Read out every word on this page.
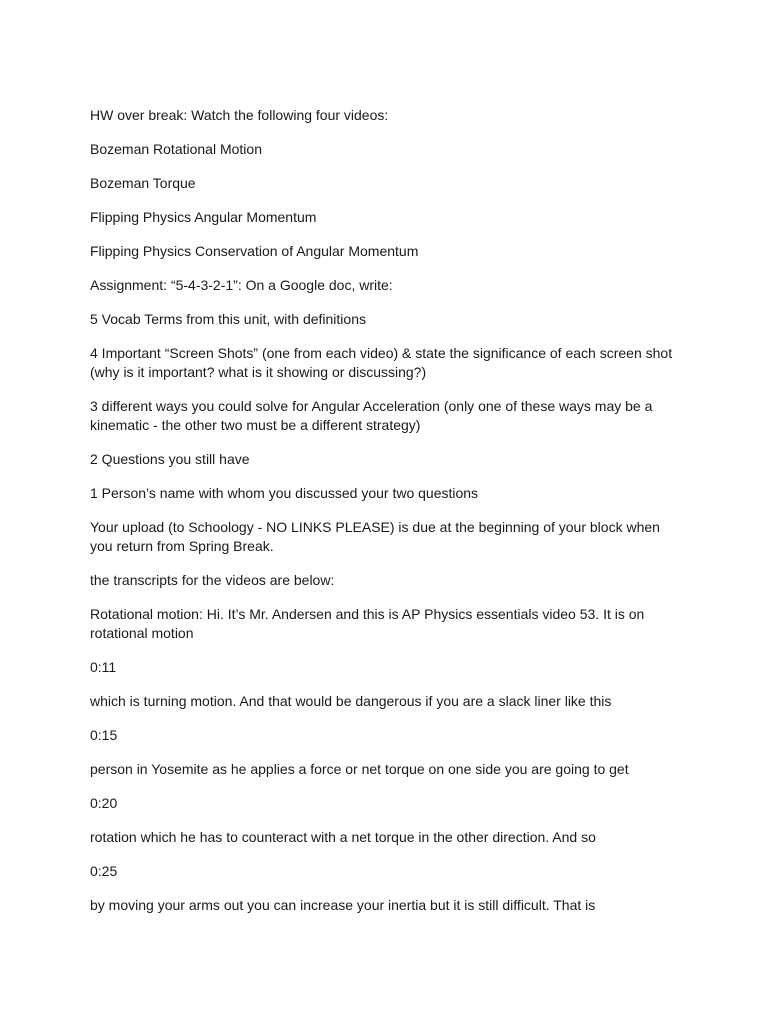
HW over break: Watch the following four videos:

Bozeman Rotational Motion

Bozeman Torque

Flipping Physics Angular Momentum

Flipping Physics Conservation of Angular Momentum

Assignment: “5-4-3-2-1”: On a Google doc, write:

5 Vocab Terms from this unit, with definitions

4 Important “Screen Shots” (one from each video) & state the significance of each screen shot (why is it important? what is it showing or discussing?)

3 different ways you could solve for Angular Acceleration (only one of these ways may be a kinematic - the other two must be a different strategy)

2 Questions you still have

1 Person’s name with whom you discussed your two questions

Your upload (to Schoology - NO LINKS PLEASE) is due at the beginning of your block when you return from Spring Break.

the transcripts for the videos are below:

Rotational motion: Hi. It’s Mr. Andersen and this is AP Physics essentials video 53. It is on rotational motion

0:11

which is turning motion. And that would be dangerous if you are a slack liner like this

0:15

person in Yosemite as he applies a force or net torque on one side you are going to get

0:20

rotation which he has to counteract with a net torque in the other direction. And so

0:25

by moving your arms out you can increase your inertia but it is still difficult. That is
